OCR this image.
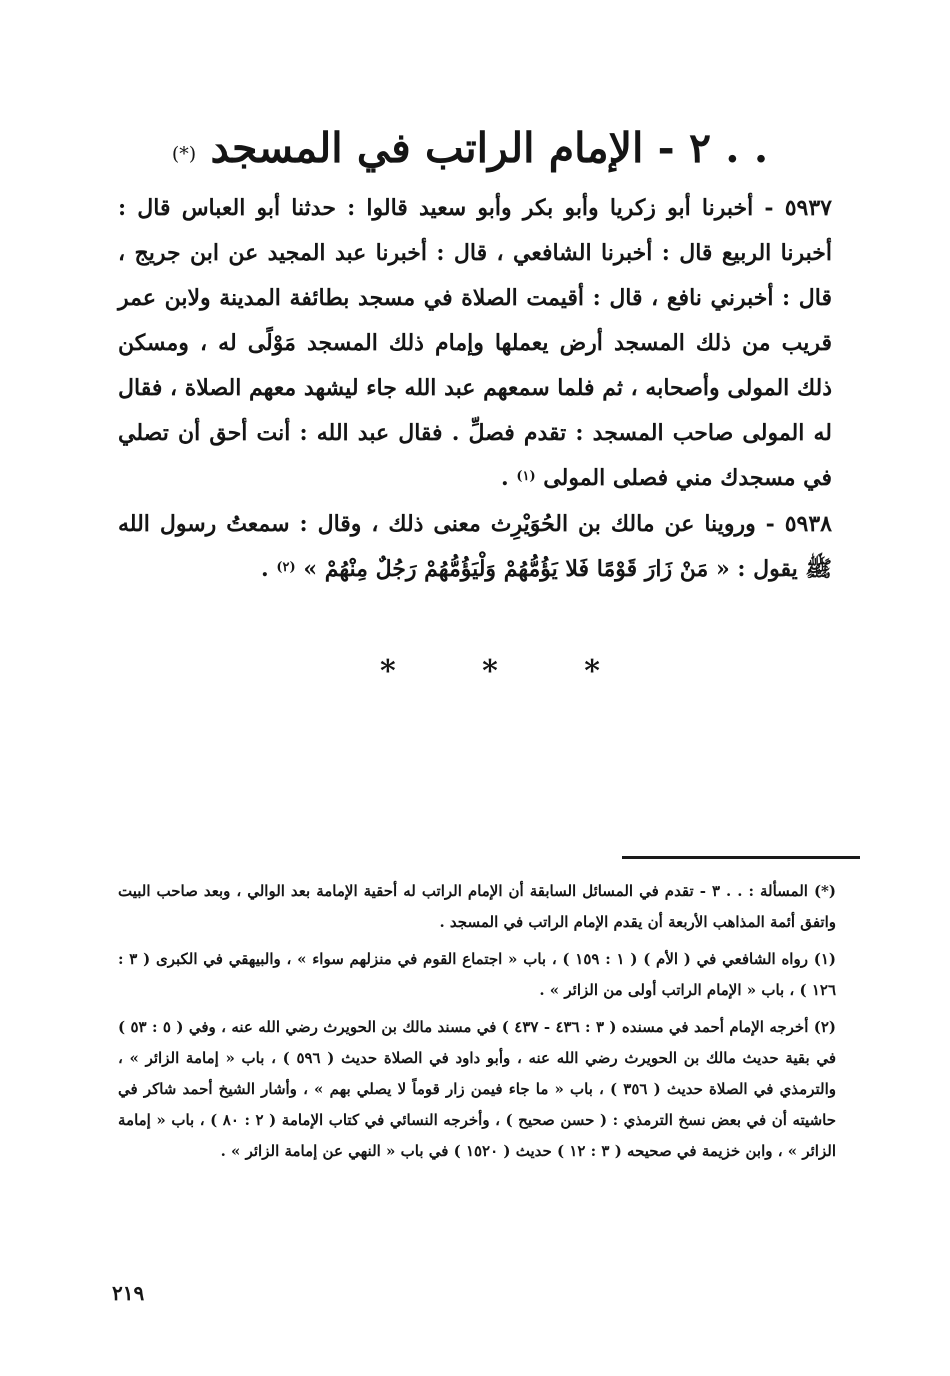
. . ٢ - الإمام الراتب في المسجد (*)
٥٩٣٧ - أخبرنا أبو زكريا وأبو بكر وأبو سعيد قالوا : حدثنا أبو العباس قال : أخبرنا الربيع قال : أخبرنا الشافعي ، قال : أخبرنا عبد المجيد عن ابن جريج ، قال : أخبرني نافع ، قال : أقيمت الصلاة في مسجد بطائفة المدينة ولابن عمر قريب من ذلك المسجد أرض يعملها وإمام ذلك المسجد مَوْلًى له ، ومسكن ذلك المولى وأصحابه ، ثم فلما سمعهم عبد الله جاء ليشهد معهم الصلاة ، فقال له المولى صاحب المسجد : تقدم فصلِّ . فقال عبد الله : أنت أحق أن تصلي في مسجدك مني فصلى المولى $^{(١)}$ .
٥٩٣٨ - وروينا عن مالك بن الحُوَيْرِث معنى ذلك ، وقال : سمعتُ رسول الله ﷺ يقول : « مَنْ زَارَ قَوْمًا فَلا يَؤُمُّهُمْ وَلْيَؤُمُّهُمْ رَجُلٌ مِنْهُمْ » $^{(٢)}$ .
*	*	*
(*) المسألة : . . ٣ - تقدم في المسائل السابقة أن الإمام الراتب له أحقية الإمامة بعد الوالي ، وبعد صاحب البيت واتفق أئمة المذاهب الأربعة أن يقدم الإمام الراتب في المسجد .
(١) رواه الشافعي في ( الأم ) ( ١ : ١٥٩ ) ، باب « اجتماع القوم في منزلهم سواء » ، والبيهقي في الكبرى ( ٣ : ١٢٦ ) ، باب « الإمام الراتب أولى من الزائر » .
(٢) أخرجه الإمام أحمد في مسنده ( ٣ : ٤٣٦ - ٤٣٧ ) في مسند مالك بن الحويرث رضي الله عنه ، وفي ( ٥ : ٥٣ ) في بقية حديث مالك بن الحويرث رضي الله عنه ، وأبو داود في الصلاة حديث ( ٥٩٦ ) ، باب « إمامة الزائر » ، والترمذي في الصلاة حديث ( ٣٥٦ ) ، باب « ما جاء فيمن زار قوماً لا يصلي بهم » ، وأشار الشيخ أحمد شاكر في حاشيته أن في بعض نسخ الترمذي : ( حسن صحيح ) ، وأخرجه النسائي في كتاب الإمامة ( ٢ : ٨٠ ) ، باب « إمامة الزائر » ، وابن خزيمة في صحيحه ( ٣ : ١٢ ) حديث ( ١٥٢٠ ) في باب « النهي عن إمامة الزائر » .
٢١٩
